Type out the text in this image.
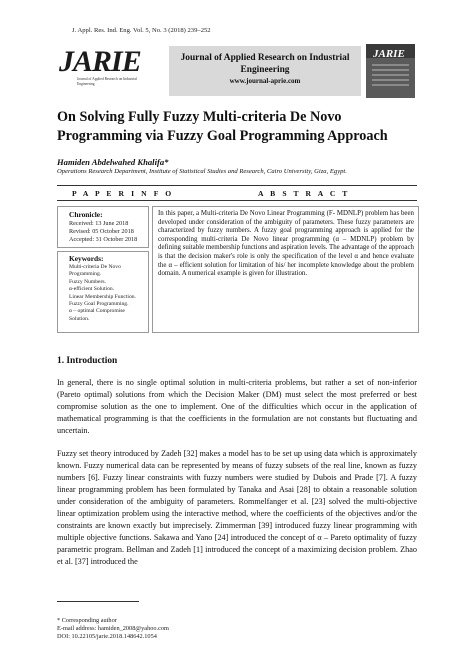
J. Appl. Res. Ind. Eng. Vol. 5, No. 3 (2018) 239–252
JARIE
Journal of Applied Research on Industrial Engineering
Journal of Applied Research on Industrial Engineering
www.journal-aprie.com
JARIE
On Solving Fully Fuzzy Multi-criteria De Novo Programming via Fuzzy Goal Programming Approach
Hamiden Abdelwahed Khalifa*
Operations Research Department, Institute of Statistical Studies and Research, Cairo University, Giza, Egypt.
P A P E R I N F O	A B S T R A C T
Chronicle:
Received: 13 June 2018
Revised: 05 October 2018
Accepted: 31 October 2018
Keywords:
Multi-criteria De Novo
Programming.
Fuzzy Numbers.
α-efficient Solution.
Linear Membership Function.
Fuzzy Goal Programming.
α – optimal Compromise
Solution.
In this paper, a Multi-criteria De Novo Linear Programming (F- MDNLP) problem has been developed under consideration of the ambiguity of parameters. These fuzzy parameters are characterized by fuzzy numbers. A fuzzy goal programming approach is applied for the corresponding multi-criteria De Novo linear programming (α – MDNLP) problem by defining suitable membership functions and aspiration levels. The advantage of the approach is that the decision maker's role is only the specification of the level α and hence evaluate the α – efficient solution for limitation of his/ her incomplete knowledge about the problem domain. A numerical example is given for illustration.
1. Introduction
In general, there is no single optimal solution in multi-criteria problems, but rather a set of non-inferior (Pareto optimal) solutions from which the Decision Maker (DM) must select the most preferred or best compromise solution as the one to implement. One of the difficulties which occur in the application of mathematical programming is that the coefficients in the formulation are not constants but fluctuating and uncertain.
Fuzzy set theory introduced by Zadeh [32] makes a model has to be set up using data which is approximately known. Fuzzy numerical data can be represented by means of fuzzy subsets of the real line, known as fuzzy numbers [6]. Fuzzy linear constraints with fuzzy numbers were studied by Dubois and Prade [7]. A fuzzy linear programming problem has been formulated by Tanaka and Asai [28] to obtain a reasonable solution under consideration of the ambiguity of parameters. Rommelfanger et al. [23] solved the multi-objective linear optimization problem using the interactive method, where the coefficients of the objectives and/or the constraints are known exactly but imprecisely. Zimmerman [39] introduced fuzzy linear programming with multiple objective functions. Sakawa and Yano [24] introduced the concept of α – Pareto optimality of fuzzy parametric program. Bellman and Zadeh [1] introduced the concept of a maximizing decision problem. Zhao et al. [37] introduced the
* Corresponding author
E-mail address: hamiden_2008@yahoo.com
DOI: 10.22105/jarie.2018.148642.1054
